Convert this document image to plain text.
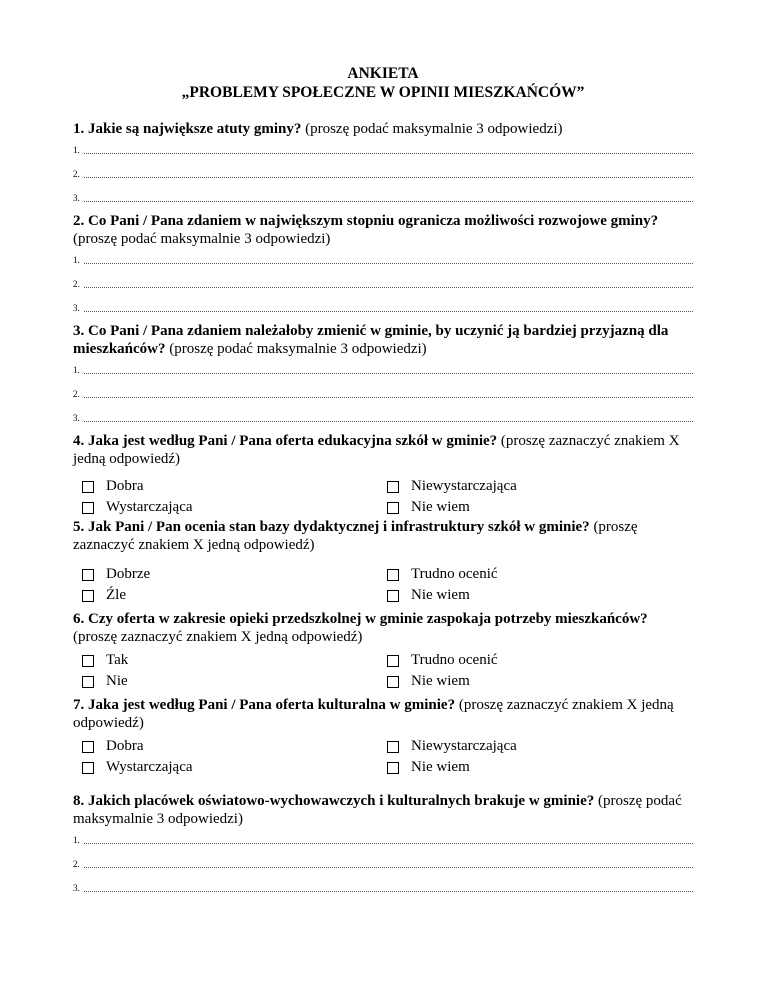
ANKIETA
„PROBLEMY SPOŁECZNE W OPINII MIESZKAŃCÓW”

1. Jakie są największe atuty gminy? (proszę podać maksymalnie 3 odpowiedzi)

1.
2.
3.

2. Co Pani / Pana zdaniem w największym stopniu ogranicza możliwości rozwojowe gminy? (proszę podać maksymalnie 3 odpowiedzi)

1.
2.
3.

3. Co Pani / Pana zdaniem należałoby zmienić w gminie, by uczynić ją bardziej przyjazną dla mieszkańców? (proszę podać maksymalnie 3 odpowiedzi)

1.
2.
3.

4. Jaka jest według Pani / Pana oferta edukacyjna szkół w gminie? (proszę zaznaczyć znakiem X jedną odpowiedź)

Dobra	Niewystarczająca
Wystarczająca	Nie wiem

5. Jak Pani / Pan ocenia stan bazy dydaktycznej i infrastruktury szkół w gminie? (proszę zaznaczyć znakiem X jedną odpowiedź)

Dobrze	Trudno ocenić
Źle	Nie wiem

6. Czy oferta w zakresie opieki przedszkolnej w gminie zaspokaja potrzeby mieszkańców? (proszę zaznaczyć znakiem X jedną odpowiedź)

Tak	Trudno ocenić
Nie	Nie wiem

7. Jaka jest według Pani / Pana oferta kulturalna w gminie? (proszę zaznaczyć znakiem X jedną odpowiedź)

Dobra	Niewystarczająca
Wystarczająca	Nie wiem

8. Jakich placówek oświatowo-wychowawczych i kulturalnych brakuje w gminie? (proszę podać maksymalnie 3 odpowiedzi)

1.
2.
3.
